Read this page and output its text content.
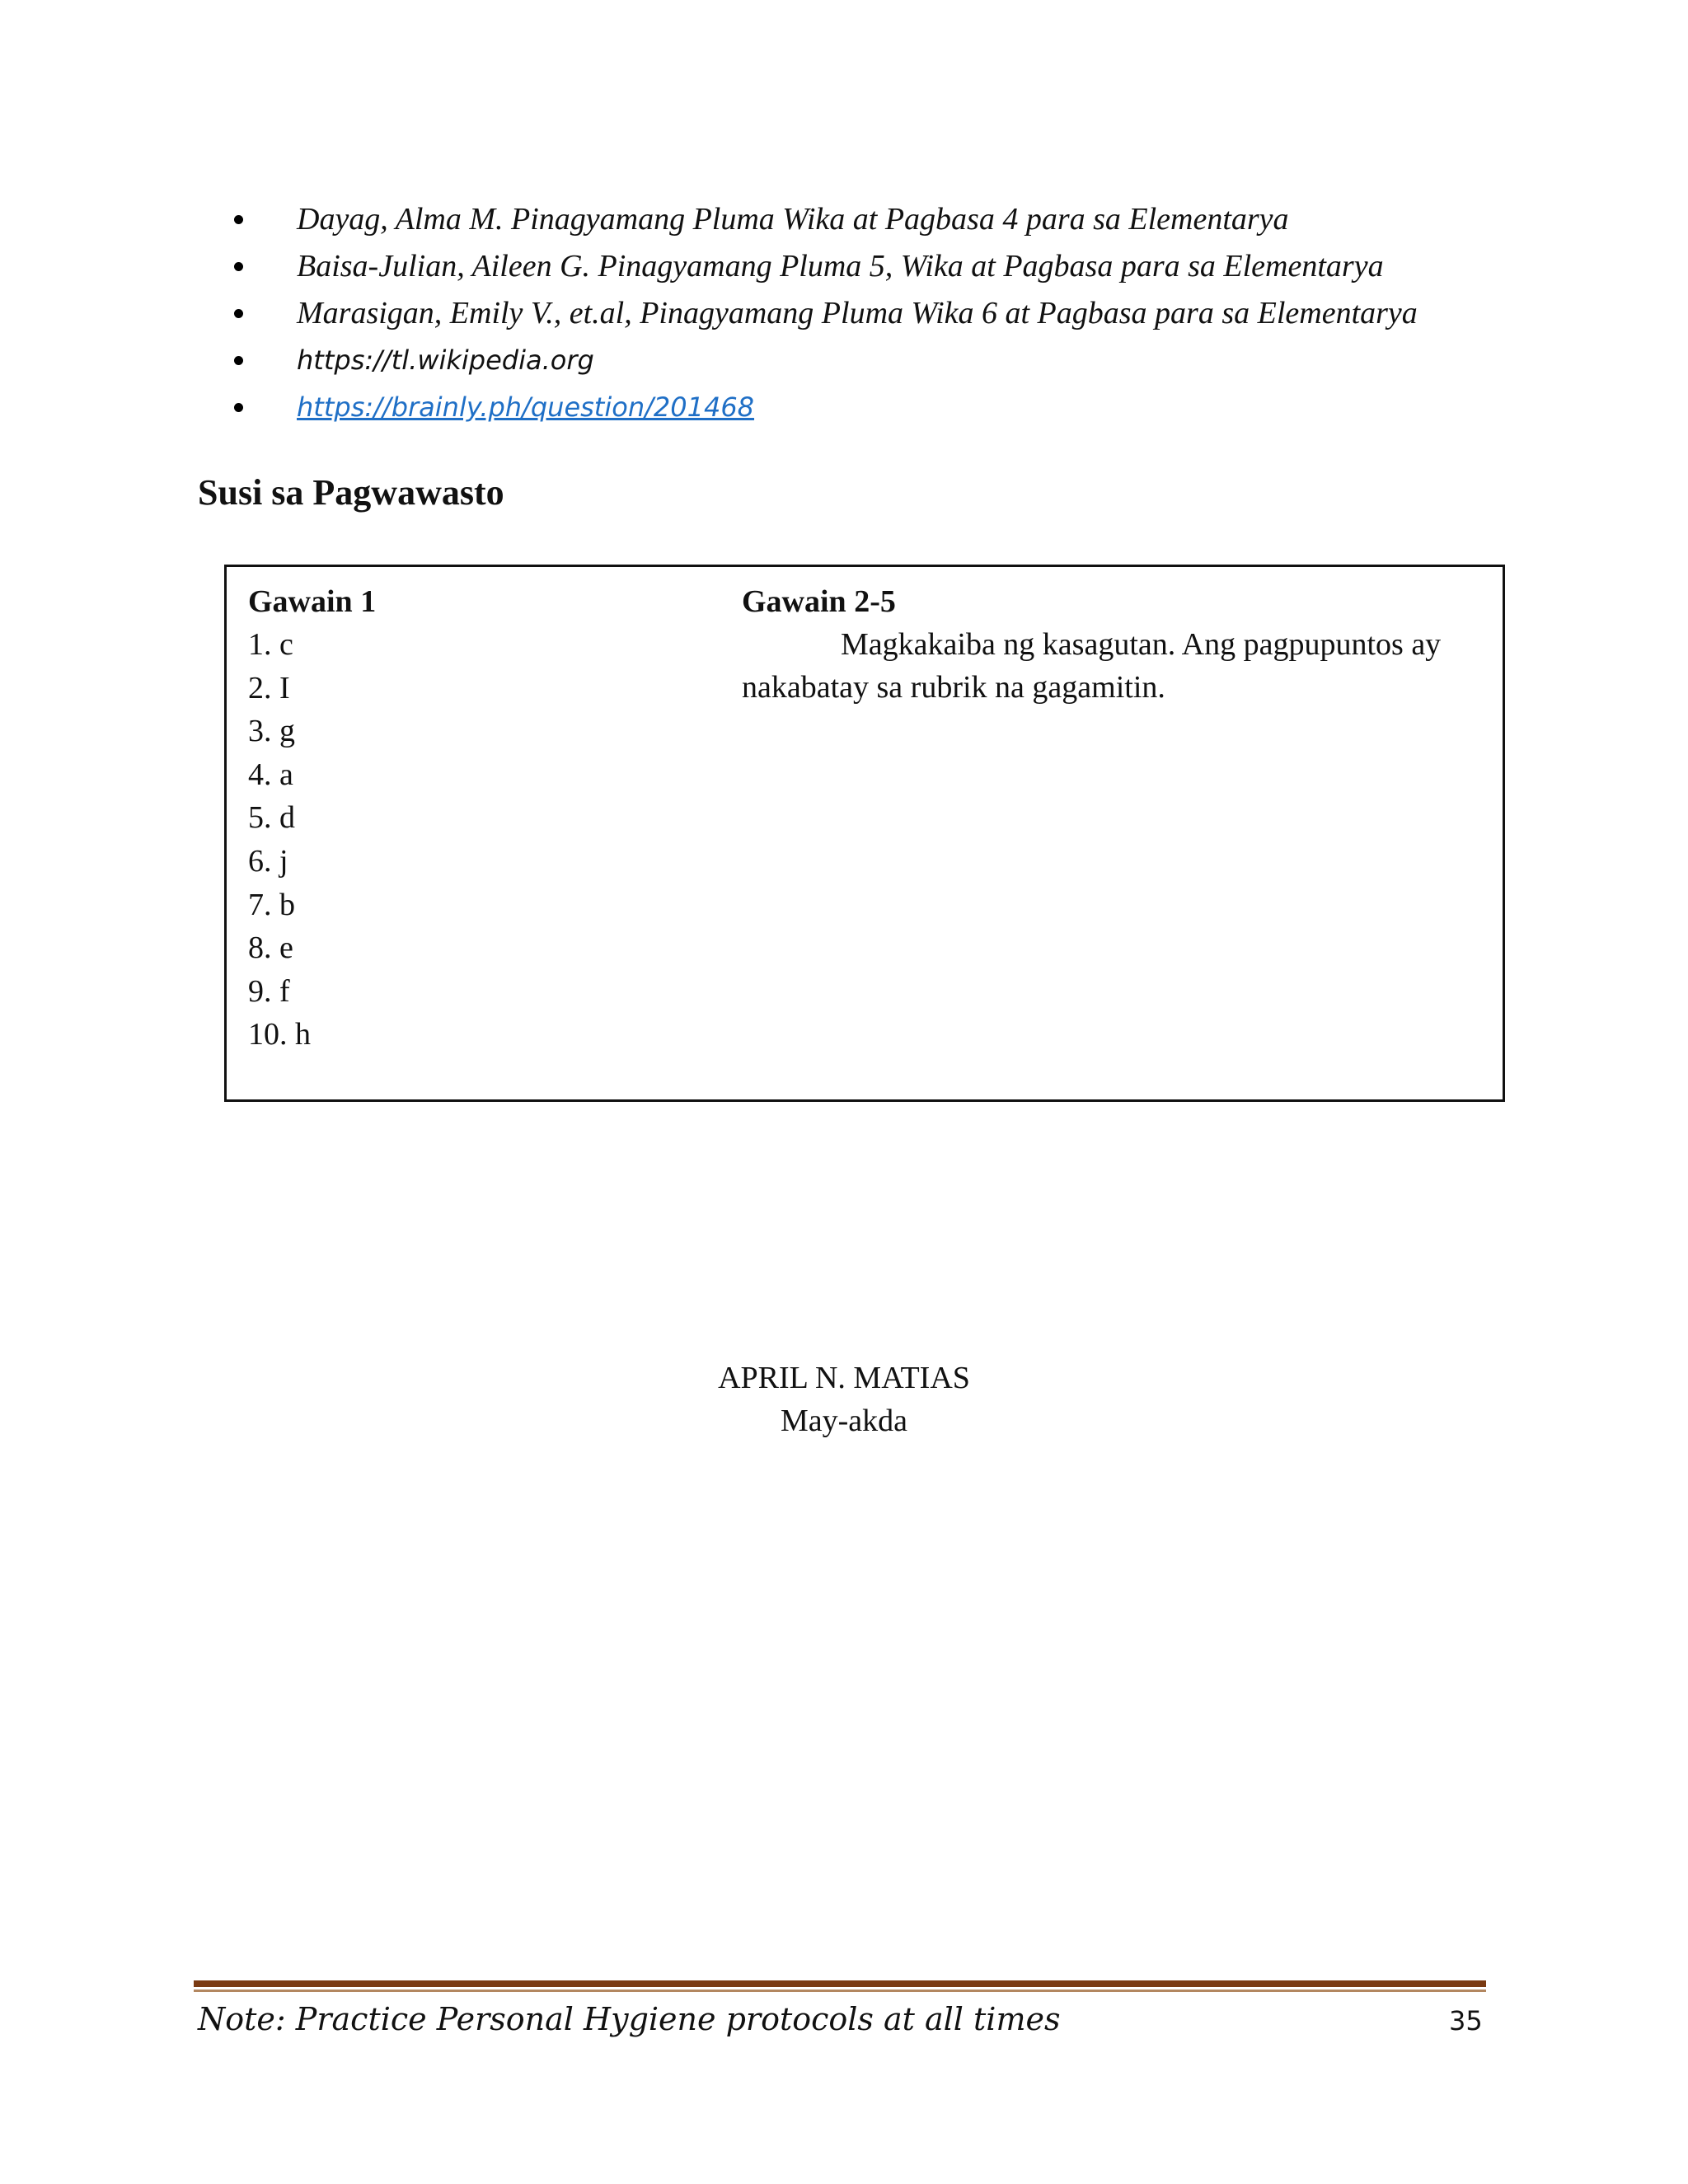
Dayag, Alma M. Pinagyamang Pluma Wika at Pagbasa 4 para sa Elementarya
Baisa-Julian, Aileen G. Pinagyamang Pluma 5, Wika at Pagbasa para sa Elementarya
Marasigan, Emily V., et.al, Pinagyamang Pluma Wika 6 at Pagbasa para sa Elementarya
https://tl.wikipedia.org
https://brainly.ph/question/201468
Susi sa Pagwawasto

Gawain 1

1. c
2. I
3. g
4. a
5. d
6. j
7. b
8. e
9. f
10. h

Gawain 2-5

Magkakaiba ng kasagutan. Ang pagpupuntos ay nakabatay sa rubrik na gagamitin.

APRIL N. MATIAS
May-akda
Note: Practice Personal Hygiene protocols at all times	35
